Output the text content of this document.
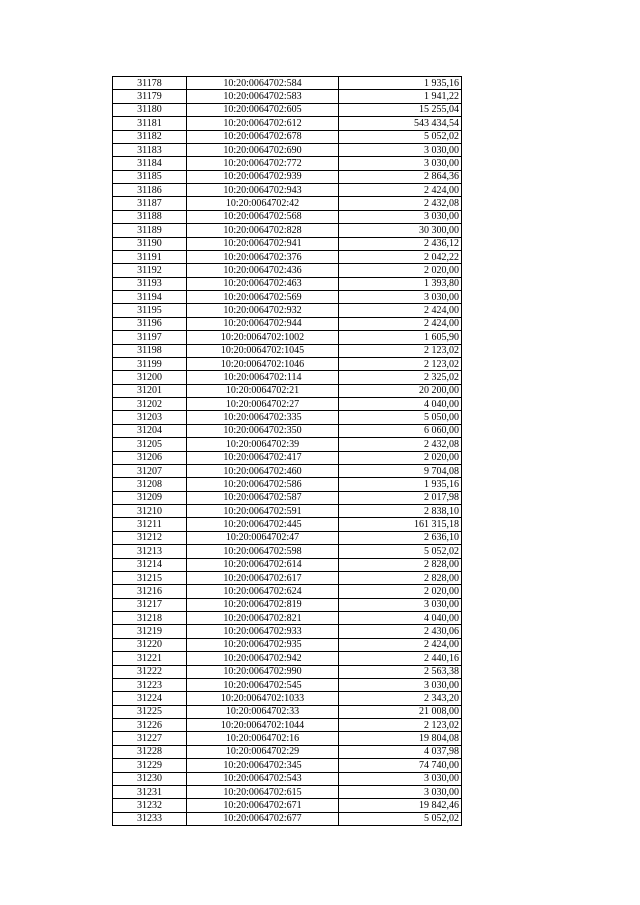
31178	10:20:0064702:584	1 935,16
31179	10:20:0064702:583	1 941,22
31180	10:20:0064702:605	15 255,04
31181	10:20:0064702:612	543 434,54
31182	10:20:0064702:678	5 052,02
31183	10:20:0064702:690	3 030,00
31184	10:20:0064702:772	3 030,00
31185	10:20:0064702:939	2 864,36
31186	10:20:0064702:943	2 424,00
31187	10:20:0064702:42	2 432,08
31188	10:20:0064702:568	3 030,00
31189	10:20:0064702:828	30 300,00
31190	10:20:0064702:941	2 436,12
31191	10:20:0064702:376	2 042,22
31192	10:20:0064702:436	2 020,00
31193	10:20:0064702:463	1 393,80
31194	10:20:0064702:569	3 030,00
31195	10:20:0064702:932	2 424,00
31196	10:20:0064702:944	2 424,00
31197	10:20:0064702:1002	1 605,90
31198	10:20:0064702:1045	2 123,02
31199	10:20:0064702:1046	2 123,02
31200	10:20:0064702:114	2 325,02
31201	10:20:0064702:21	20 200,00
31202	10:20:0064702:27	4 040,00
31203	10:20:0064702:335	5 050,00
31204	10:20:0064702:350	6 060,00
31205	10:20:0064702:39	2 432,08
31206	10:20:0064702:417	2 020,00
31207	10:20:0064702:460	9 704,08
31208	10:20:0064702:586	1 935,16
31209	10:20:0064702:587	2 017,98
31210	10:20:0064702:591	2 838,10
31211	10:20:0064702:445	161 315,18
31212	10:20:0064702:47	2 636,10
31213	10:20:0064702:598	5 052,02
31214	10:20:0064702:614	2 828,00
31215	10:20:0064702:617	2 828,00
31216	10:20:0064702:624	2 020,00
31217	10:20:0064702:819	3 030,00
31218	10:20:0064702:821	4 040,00
31219	10:20:0064702:933	2 430,06
31220	10:20:0064702:935	2 424,00
31221	10:20:0064702:942	2 440,16
31222	10:20:0064702:990	2 563,38
31223	10:20:0064702:545	3 030,00
31224	10:20:0064702:1033	2 343,20
31225	10:20:0064702:33	21 008,00
31226	10:20:0064702:1044	2 123,02
31227	10:20:0064702:16	19 804,08
31228	10:20:0064702:29	4 037,98
31229	10:20:0064702:345	74 740,00
31230	10:20:0064702:543	3 030,00
31231	10:20:0064702:615	3 030,00
31232	10:20:0064702:671	19 842,46
31233	10:20:0064702:677	5 052,02
